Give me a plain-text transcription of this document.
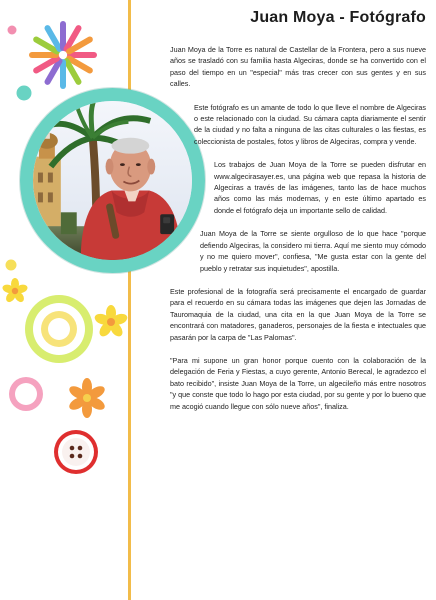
Juan Moya - Fotógrafo

Juan Moya de la Torre es natural de Castellar de la Frontera, pero a sus nueve años se trasladó con su familia hasta Algeciras, donde se ha convertido con el paso del tiempo en un "especial" más tras crecer con sus gentes y en sus calles.

Este fotógrafo es un amante de todo lo que lleve el nombre de Algeciras o este relacionado con la ciudad. Su cámara capta diariamente el sentir de la ciudad y no falta a ninguna de las citas culturales o las fiestas, es coleccionista de postales, fotos y libros de Algeciras, compra y vende.

Los trabajos de Juan Moya de la Torre se pueden disfrutar en www.algecirasayer.es, una página web que repasa la historia de Algeciras a través de las imágenes, tanto las de hace muchos años como las más modernas, y en este último apartado es donde el fotógrafo deja un importante sello de calidad.

Juan Moya de la Torre se siente orgulloso de lo que hace "porque defiendo Algeciras, la considero mi tierra. Aquí me siento muy cómodo y no me quiero mover", confiesa, "Me gusta estar con la gente del pueblo y retratar sus inquietudes", apostilla.

Este profesional de la fotografía será precisamente el encargado de guardar para el recuerdo en su cámara todas las imágenes que dejen las Jornadas de Tauromaquia de la ciudad, una cita en la que Juan Moya de la Torre se encontrará con matadores, ganaderos, personajes de la fiesta e intectuales que pasarán por la carpa de "Las Palomas".

"Para mi supone un gran honor porque cuento con la colaboración de la delegación de Feria y Fiestas, a cuyo gerente, Antonio Berecal, le agradezco el bato recibido", insiste Juan Moya de la Torre, un algecileño más entre nosotros "y que conste que todo lo hago por esta ciudad, por su gente y por lo bueno que me acogió cuando llegue con sólo nueve años", finaliza.
